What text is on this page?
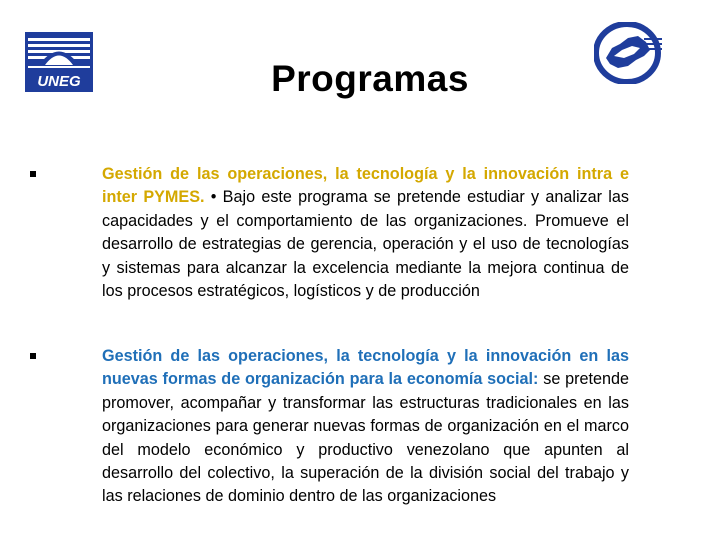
UNEG	Programas
Gestión de las operaciones, la tecnología y la innovación intra e inter PYMES. • Bajo este programa se pretende estudiar y analizar las capacidades y el comportamiento de las organizaciones. Promueve el desarrollo de estrategias de gerencia, operación y el uso de tecnologías y sistemas para alcanzar la excelencia mediante la mejora continua de los procesos estratégicos, logísticos y de producción
Gestión de las operaciones, la tecnología y la innovación en las nuevas formas de organización para la economía social: se pretende promover, acompañar y transformar las estructuras tradicionales en las organizaciones para generar nuevas formas de organización en el marco del modelo económico y productivo venezolano que apunten al desarrollo del colectivo, la superación de la división social del trabajo y las relaciones de dominio dentro de las organizaciones
